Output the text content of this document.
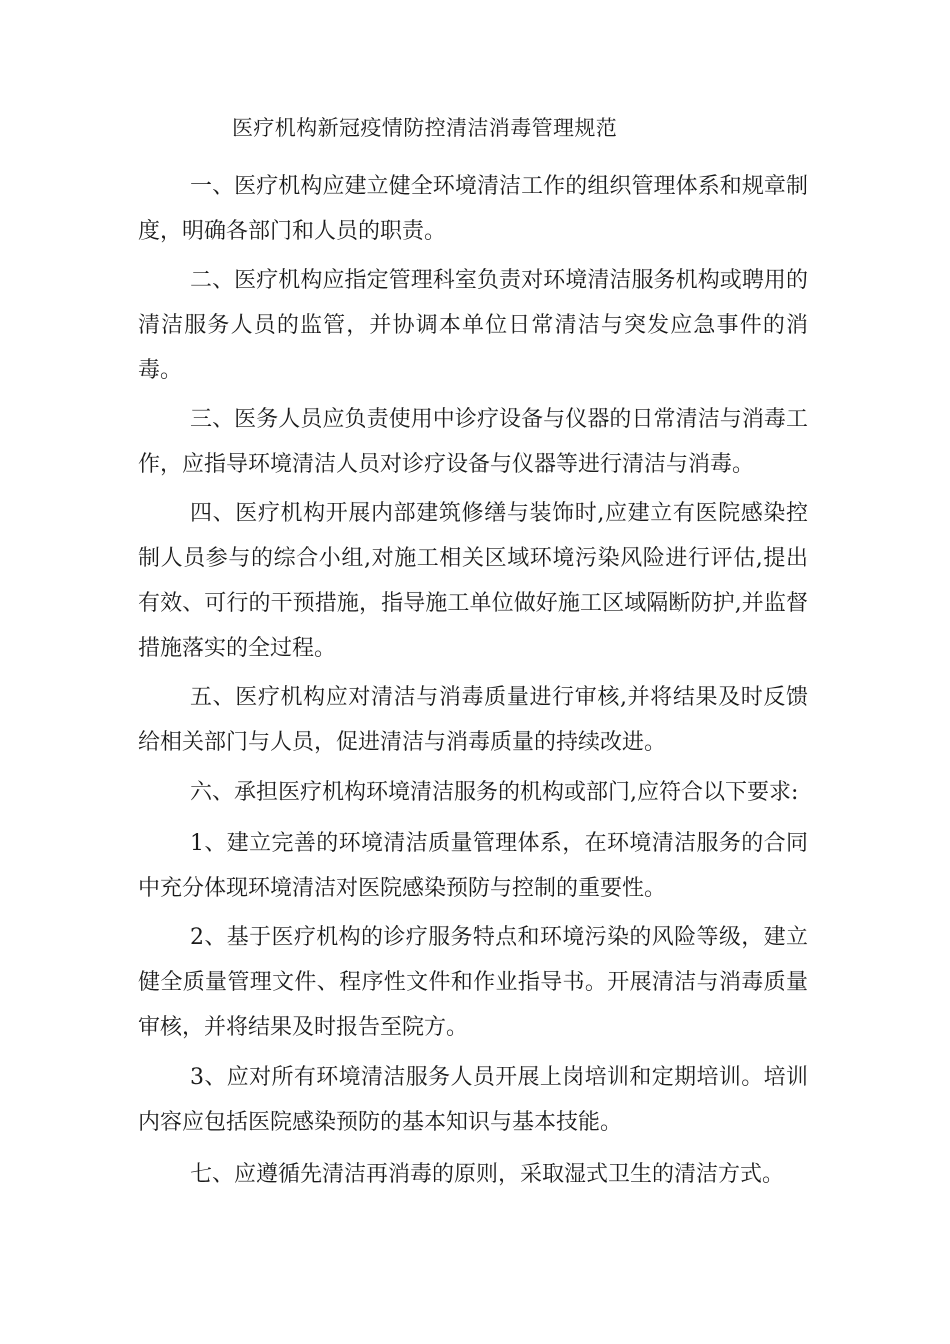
医疗机构新冠疫情防控清洁消毒管理规范

一、医疗机构应建立健全环境清洁工作的组织管理体系和规章制度，明确各部门和人员的职责。

二、医疗机构应指定管理科室负责对环境清洁服务机构或聘用的清洁服务人员的监管，并协调本单位日常清洁与突发应急事件的消毒。

三、医务人员应负责使用中诊疗设备与仪器的日常清洁与消毒工作，应指导环境清洁人员对诊疗设备与仪器等进行清洁与消毒。

四、医疗机构开展内部建筑修缮与装饰时,应建立有医院感染控制人员参与的综合小组,对施工相关区域环境污染风险进行评估,提出有效、可行的干预措施，指导施工单位做好施工区域隔断防护,并监督措施落实的全过程。

五、医疗机构应对清洁与消毒质量进行审核,并将结果及时反馈给相关部门与人员，促进清洁与消毒质量的持续改进。

六、承担医疗机构环境清洁服务的机构或部门,应符合以下要求:

1、建立完善的环境清洁质量管理体系，在环境清洁服务的合同中充分体现环境清洁对医院感染预防与控制的重要性。

2、基于医疗机构的诊疗服务特点和环境污染的风险等级，建立健全质量管理文件、程序性文件和作业指导书。开展清洁与消毒质量审核，并将结果及时报告至院方。

3、应对所有环境清洁服务人员开展上岗培训和定期培训。培训内容应包括医院感染预防的基本知识与基本技能。

七、应遵循先清洁再消毒的原则，采取湿式卫生的清洁方式。
